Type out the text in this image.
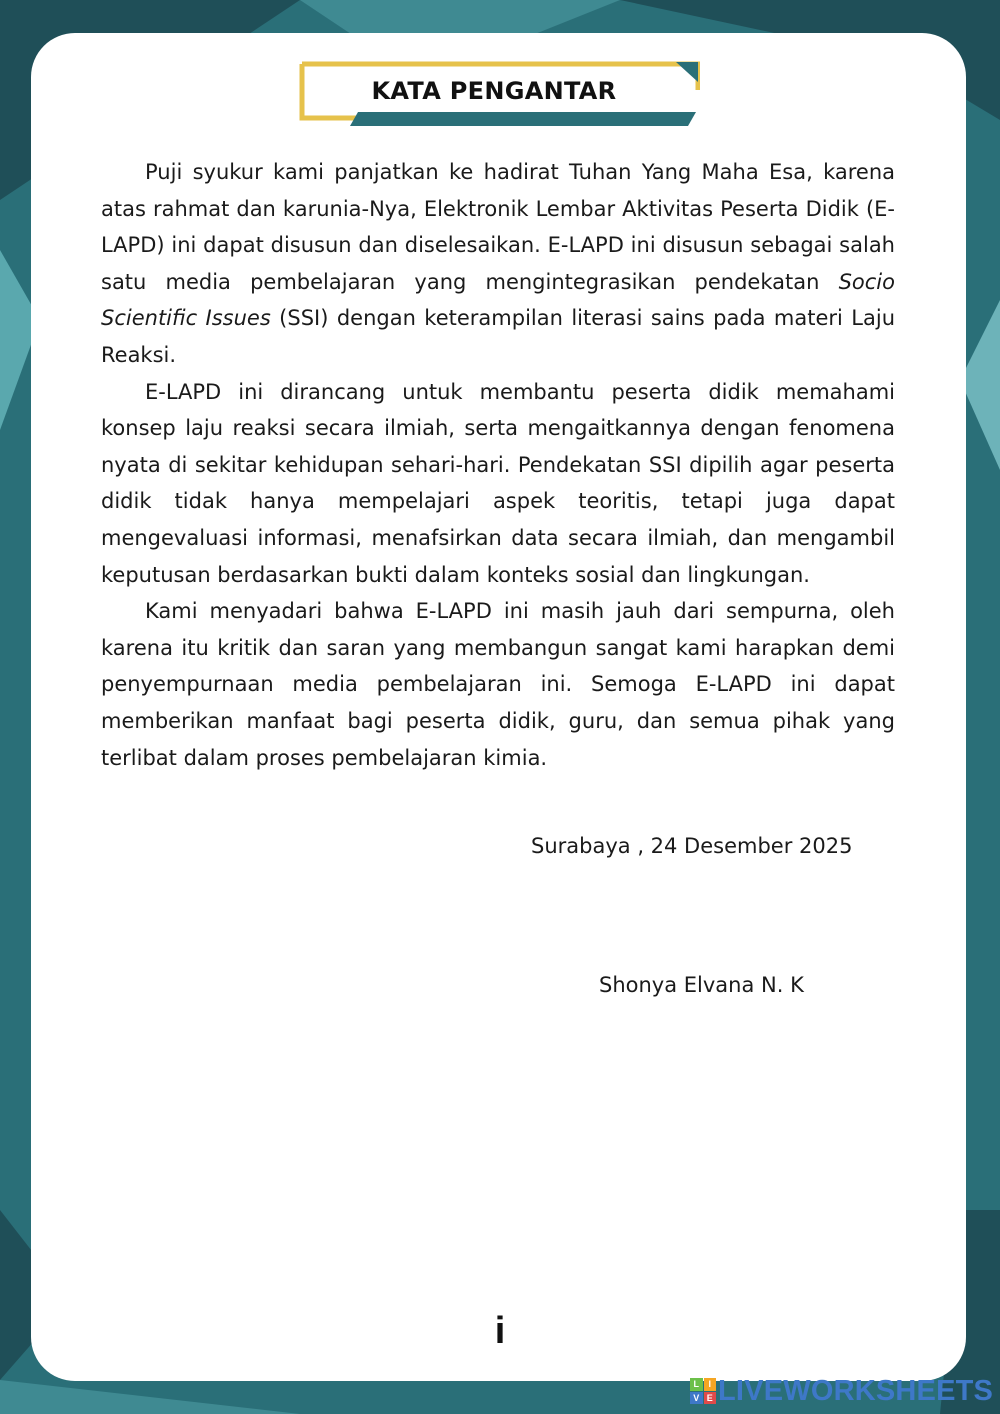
KATA PENGANTAR

Puji syukur kami panjatkan ke hadirat Tuhan Yang Maha Esa, karena atas rahmat dan karunia-Nya, Elektronik Lembar Aktivitas Peserta Didik (E-LAPD) ini dapat disusun dan diselesaikan. E-LAPD ini disusun sebagai salah satu media pembelajaran yang mengintegrasikan pendekatan Socio Scientific Issues (SSI) dengan keterampilan literasi sains pada materi Laju Reaksi.

E-LAPD ini dirancang untuk membantu peserta didik memahami konsep laju reaksi secara ilmiah, serta mengaitkannya dengan fenomena nyata di sekitar kehidupan sehari-hari. Pendekatan SSI dipilih agar peserta didik tidak hanya mempelajari aspek teoritis, tetapi juga dapat mengevaluasi informasi, menafsirkan data secara ilmiah, dan mengambil keputusan berdasarkan bukti dalam konteks sosial dan lingkungan.

Kami menyadari bahwa E-LAPD ini masih jauh dari sempurna, oleh karena itu kritik dan saran yang membangun sangat kami harapkan demi penyempurnaan media pembelajaran ini. Semoga E-LAPD ini dapat memberikan manfaat bagi peserta didik, guru, dan semua pihak yang terlibat dalam proses pembelajaran kimia.

Surabaya , 24 Desember 2025
Shonya Elvana N. K
i
L	I
V E LIVEWORKSHEETS
